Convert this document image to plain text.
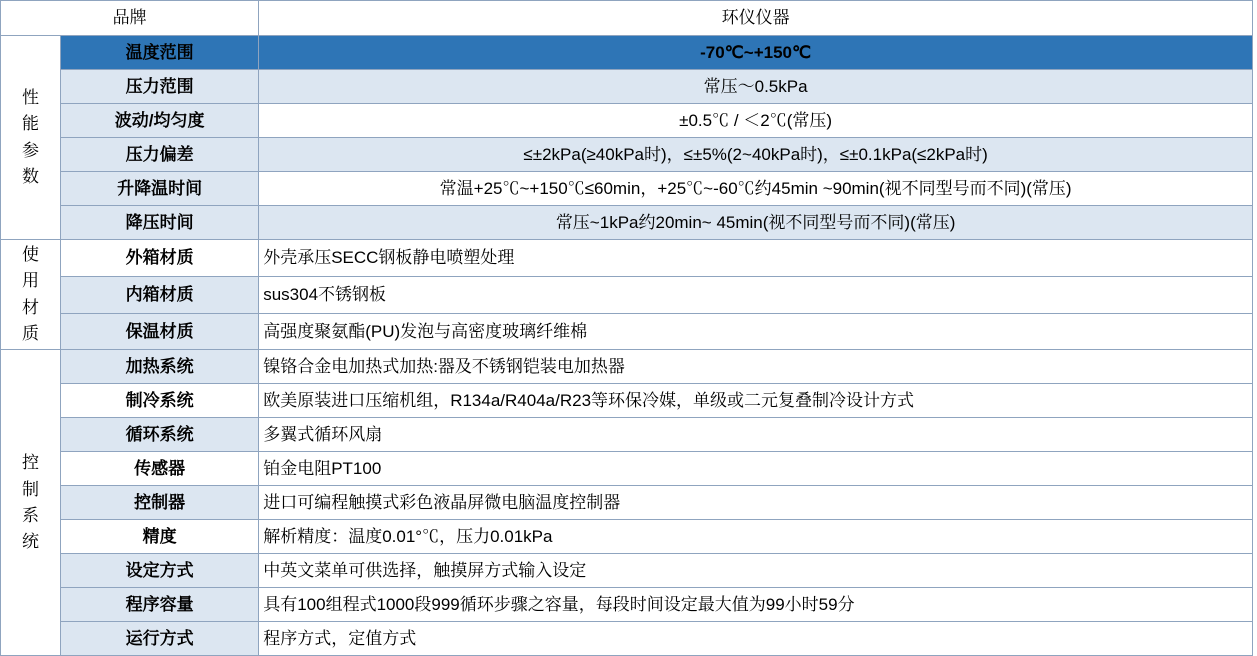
品牌		环仪仪器
性
能
参
数	温度范围	-70℃~+150℃
	压力范围	常压～0.5kPa
	波动/均匀度	±0.5℃ / ＜2℃(常压)
	压力偏差	≤±2kPa(≥40kPa时)，≤±5%(2~40kPa时)，≤±0.1kPa(≤2kPa时)
	升降温时间	常温+25℃~+150℃≤60min，+25℃~-60℃约45min ~90min(视不同型号而不同)(常压)
	降压时间	常压~1kPa约20min~ 45min(视不同型号而不同)(常压)
使
用
材
质	外箱材质	外壳承压SECC钢板静电喷塑处理
	内箱材质	sus304不锈钢板
	保温材质	高强度聚氨酯(PU)发泡与高密度玻璃纤维棉
控
制
系
统	加热系统	镍铬合金电加热式加热:器及不锈钢铠装电加热器
	制冷系统	欧美原装进口压缩机组，R134a/R404a/R23等环保冷媒，单级或二元复叠制冷设计方式
	循环系统	多翼式循环风扇
	传感器	铂金电阻PT100
	控制器	进口可编程触摸式彩色液晶屏微电脑温度控制器
	精度	解析精度：温度0.01°℃，压力0.01kPa
	设定方式	中英文菜单可供选择，触摸屏方式输入设定
	程序容量	具有100组程式1000段999循环步骤之容量，每段时间设定最大值为99小时59分
	运行方式	程序方式，定值方式
